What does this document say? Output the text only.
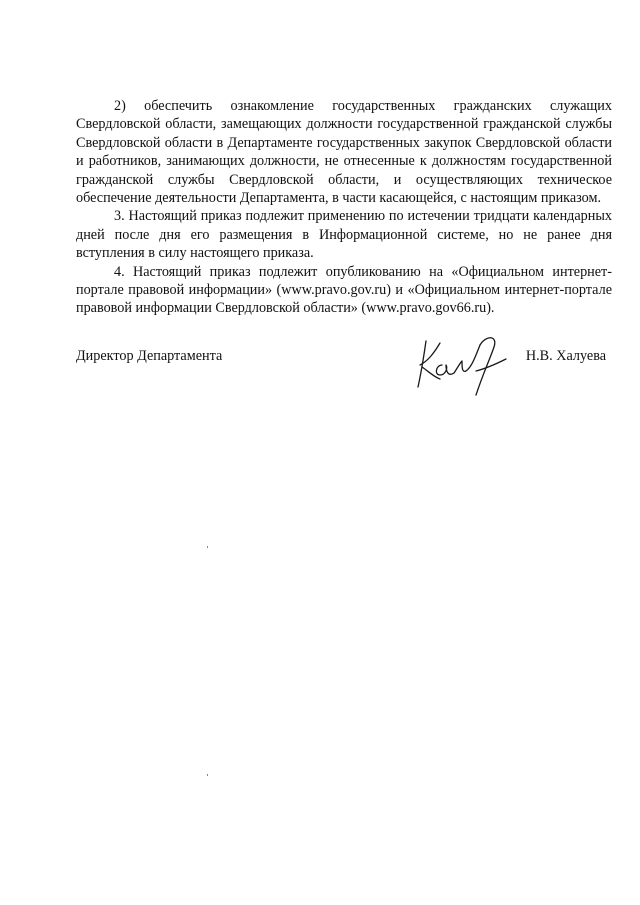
2) обеспечить ознакомление государственных гражданских служащих Свердловской области, замещающих должности государственной гражданской службы Свердловской области в Департаменте государственных закупок Свердловской области и работников, занимающих должности, не отнесенные к должностям государственной гражданской службы Свердловской области, и осуществляющих техническое обеспечение деятельности Департамента, в части касающейся, с настоящим приказом.

3. Настоящий приказ подлежит применению по истечении тридцати календарных дней после дня его размещения в Информационной системе, но не ранее дня вступления в силу настоящего приказа.

4. Настоящий приказ подлежит опубликованию на «Официальном интернет-портале правовой информации» (www.pravo.gov.ru) и «Официальном интернет-портале правовой информации Свердловской области» (www.pravo.gov66.ru).

Директор Департамента	Н.В. Халуева
